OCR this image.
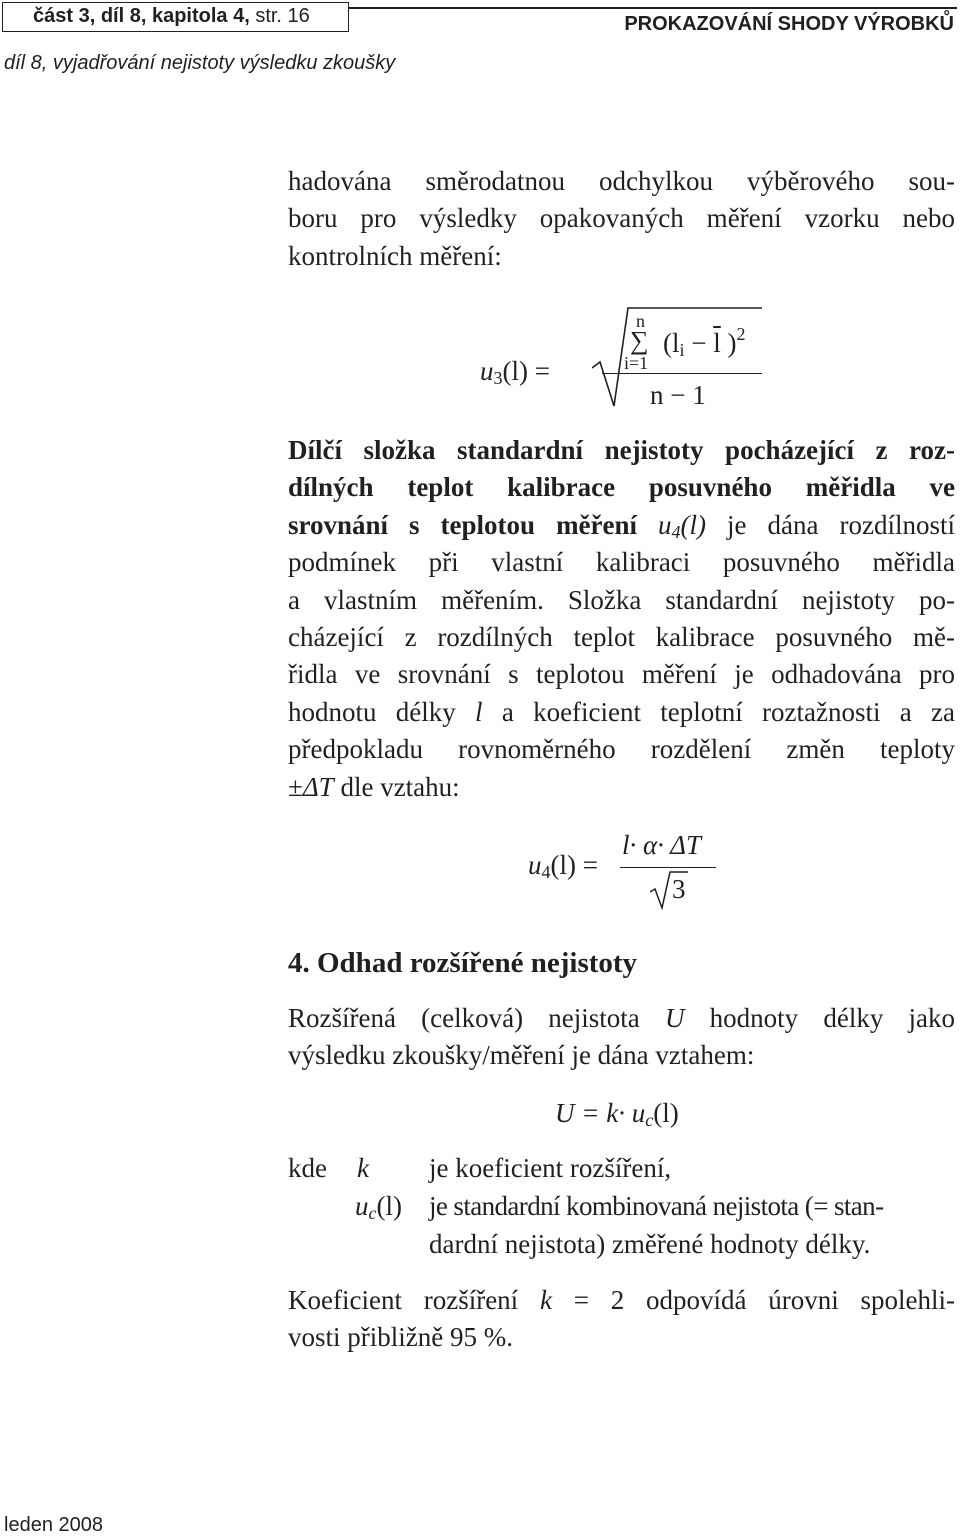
část 3, díl 8, kapitola 4, str. 16	PROKAZOVÁNÍ SHODY VÝROBKŮ
díl 8, vyjadřování nejistoty výsledku zkoušky
hadována směrodatnou odchylkou výběrového sou-
boru pro výsledky opakovaných měření vzorku nebo
kontrolních měření:
$u_3(l)$ =
n
∑
i=1
($l_i - \overline{l}$ )$^2$
n − 1
Dílčí složka standardní nejistoty pocházející z roz-
dílných teplot kalibrace posuvného měřidla ve
srovnání s teplotou měření $u_4(l)$ je dána rozdílností
podmínek při vlastní kalibraci posuvného měřidla
a vlastním měřením. Složka standardní nejistoty po-
cházející z rozdílných teplot kalibrace posuvného mě-
řidla ve srovnání s teplotou měření je odhadována pro
hodnotu délky l a koeficient teplotní roztažnosti a za
předpokladu rovnoměrného rozdělení změn teploty
±ΔT dle vztahu:
$u_4(l)$ =
l· α· ΔT
3
4. Odhad rozšířené nejistoty
Rozšířená (celková) nejistota U hodnoty délky jako
výsledku zkoušky/měření je dána vztahem:
$U = k\cdot u_c(l)$
kde k je koeficient rozšíření,
$u_c(l)$ je standardní kombinovaná nejistota (= stan-
dardní nejistota) změřené hodnoty délky.
Koeficient rozšíření k = 2 odpovídá úrovni spolehli-
vosti přibližně 95 %.
leden 2008
